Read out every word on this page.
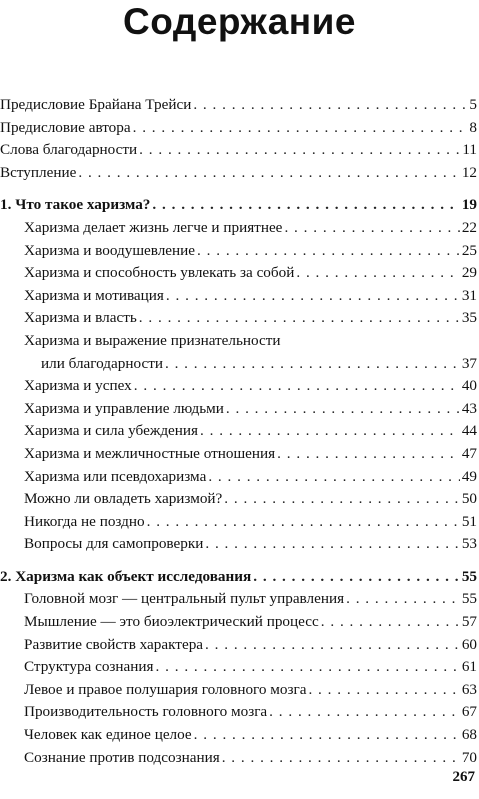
Содержание
Предисловие Брайана Трейси . . .	5
Предисловие автора . . .	8
Слова благодарности . . .	11
Вступление . . .	12
1. Что такое харизма? . . .	19
Харизма делает жизнь легче и приятнее . . .	22
Харизма и воодушевление . . .	25
Харизма и способность увлекать за собой . . .	29
Харизма и мотивация . . .	31
Харизма и власть . . .	35
Харизма и выражение признательности
или благодарности . . .	37
Харизма и успех . . .	40
Харизма и управление людьми . . .	43
Харизма и сила убеждения . . .	44
Харизма и межличностные отношения . . .	47
Харизма или псевдохаризма . . .	49
Можно ли овладеть харизмой? . . .	50
Никогда не поздно . . .	51
Вопросы для самопроверки . . .	53
2. Харизма как объект исследования . . .	55
Головной мозг — центральный пульт управления . . .	55
Мышление — это биоэлектрический процесс . . .	57
Развитие свойств характера . . .	60
Структура сознания . . .	61
Левое и правое полушария головного мозга . . .	63
Производительность головного мозга . . .	67
Человек как единое целое . . .	68
Сознание против подсознания . . .	70
267
